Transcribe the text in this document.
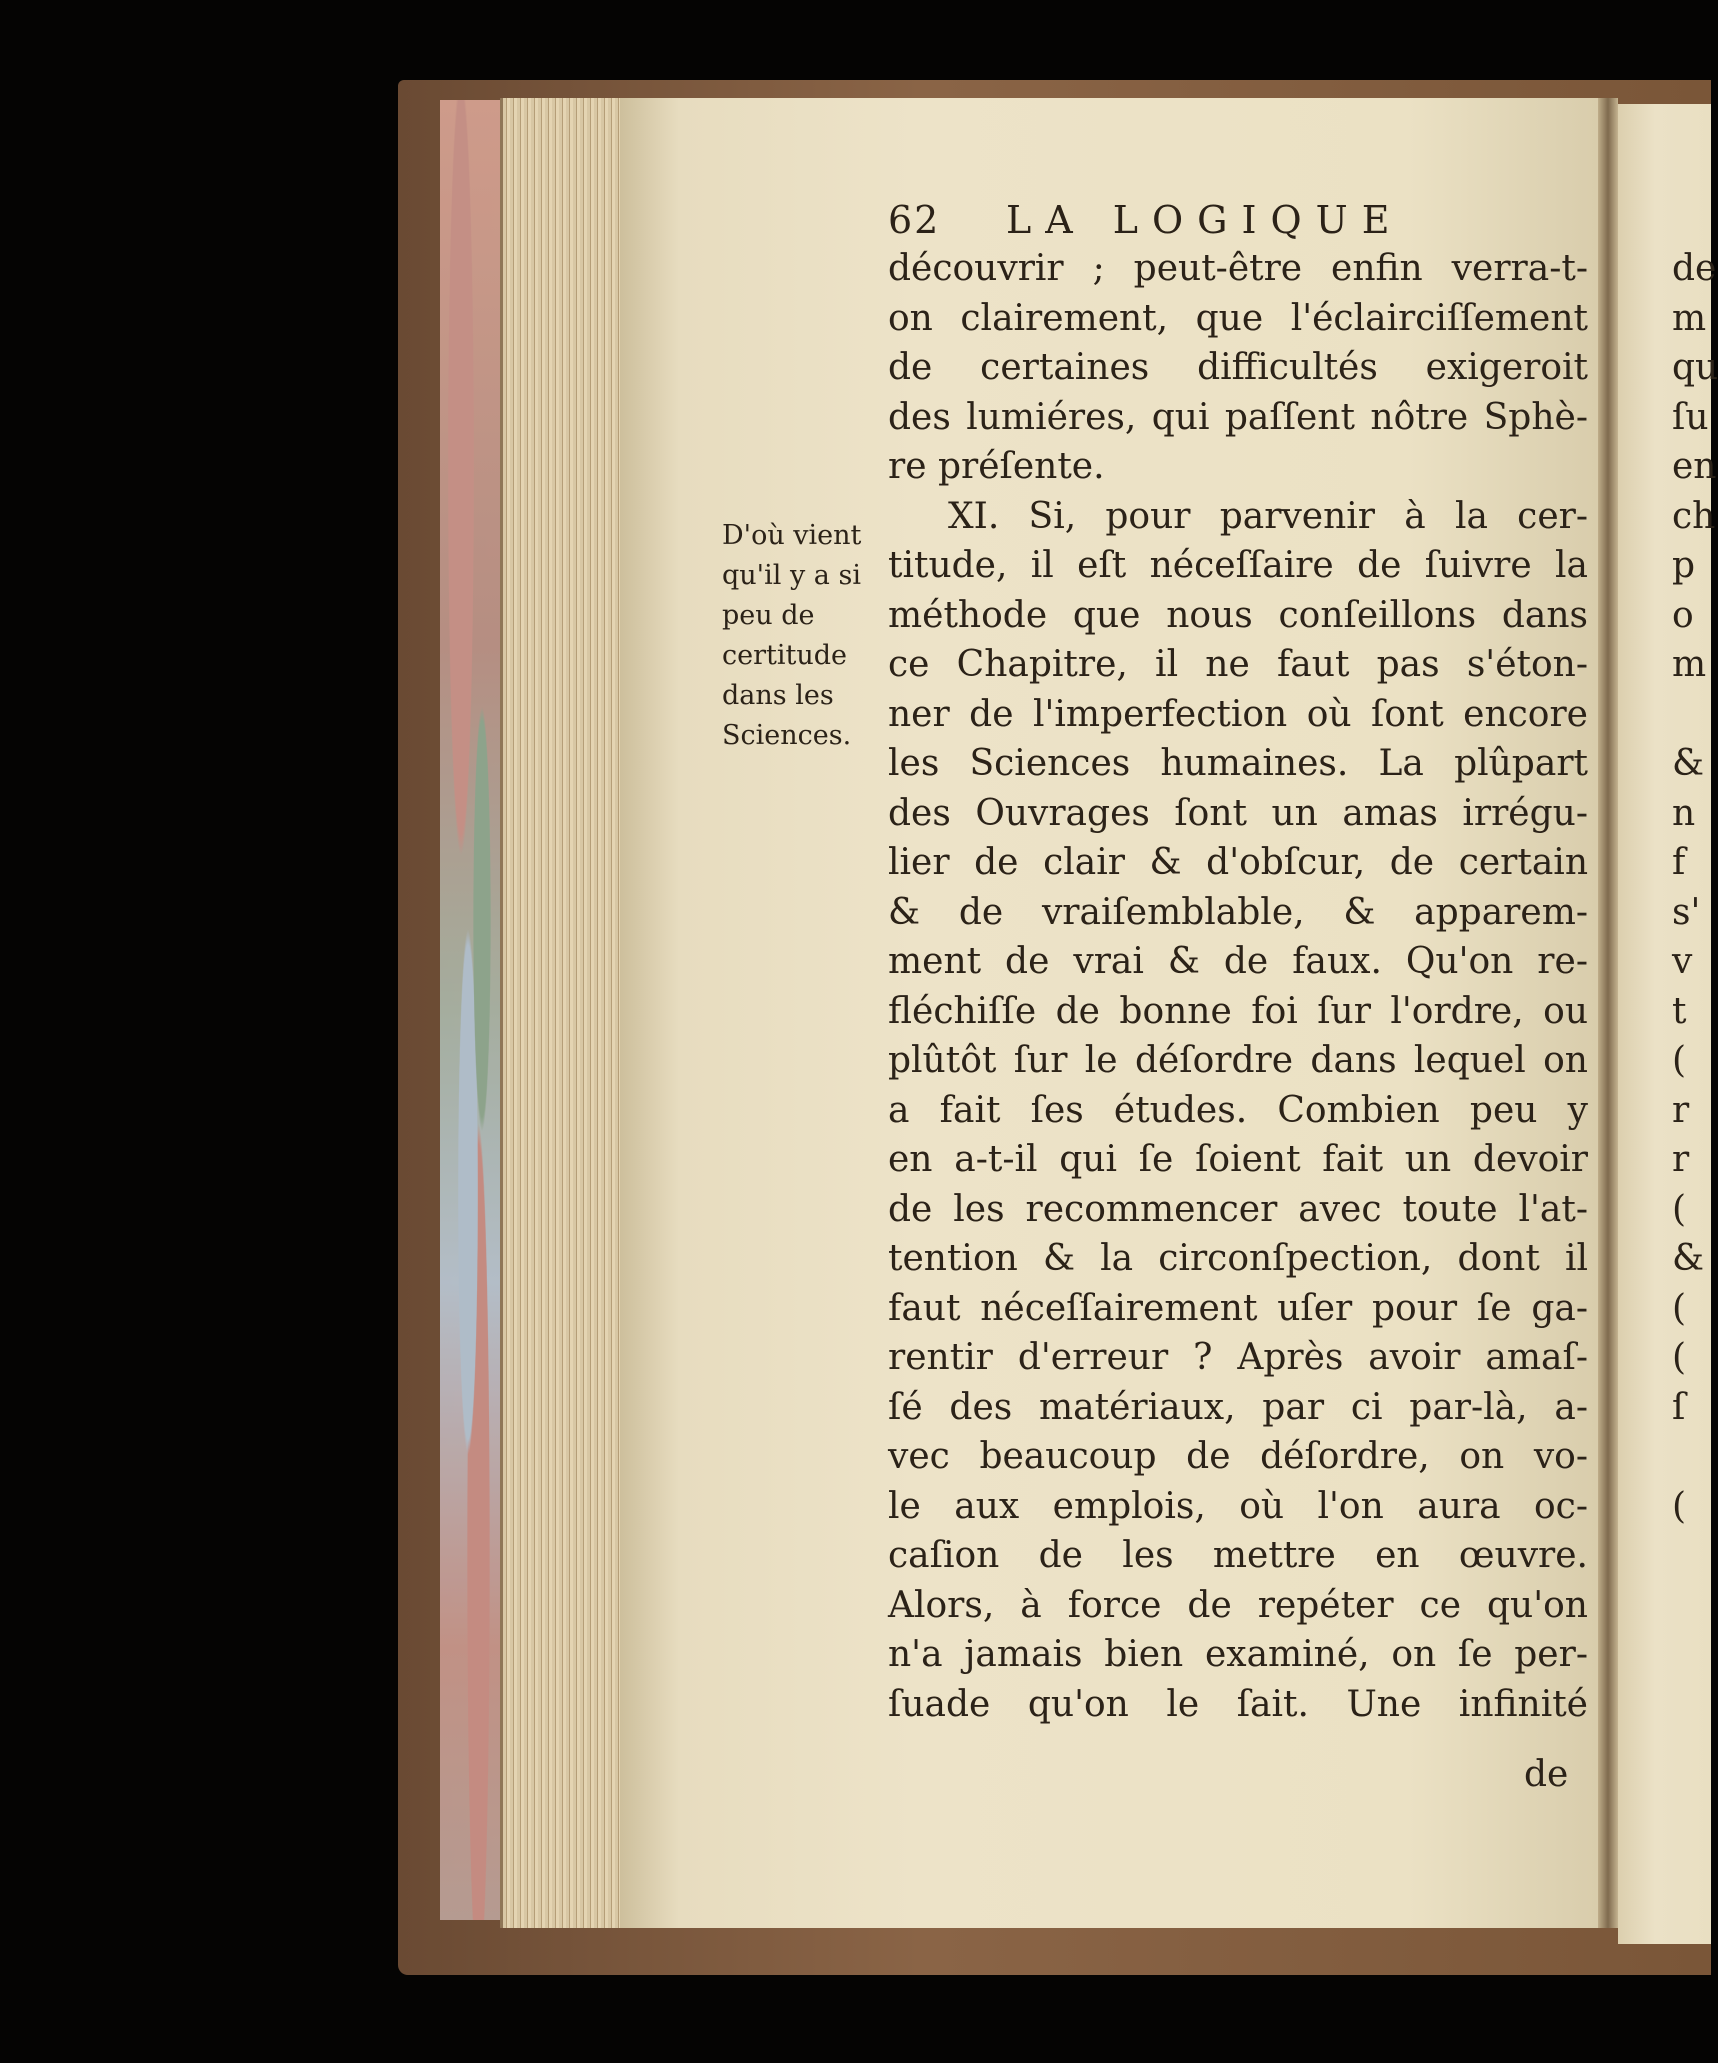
62 LA LOGIQUE
D'où vient
qu'il y a si
peu de
certitude
dans les
Sciences.
découvrir ; peut-être enfin verra-t-
on clairement, que l'éclairciſſement
de certaines difficultés exigeroit
des lumiéres, qui paſſent nôtre Sphè-
re préſente.
XI. Si, pour parvenir à la cer-
titude, il eſt néceſſaire de ſuivre la
méthode que nous conſeillons dans
ce Chapitre, il ne faut pas s'éton-
ner de l'imperfection où ſont encore
les Sciences humaines. La plûpart
des Ouvrages ſont un amas irrégu-
lier de clair & d'obſcur, de certain
& de vraiſemblable, & apparem-
ment de vrai & de faux. Qu'on re-
fléchiſſe de bonne foi ſur l'ordre, ou
plûtôt ſur le déſordre dans lequel on
a fait ſes études. Combien peu y
en a-t-il qui ſe ſoient fait un devoir
de les recommencer avec toute l'at-
tention & la circonſpection, dont il
faut néceſſairement uſer pour ſe ga-
rentir d'erreur ? Après avoir amaſ-
ſé des matériaux, par ci par-là, a-
vec beaucoup de déſordre, on vo-
le aux emplois, où l'on aura oc-
caſion de les mettre en œuvre.
Alors, à force de repéter ce qu'on
n'a jamais bien examiné, on ſe per-
ſuade qu'on le ſait. Une infinité
de
de
m
qu
ſu
en
ch
p
o
m
&
n
f
s'
v
t
(
r
r
(
&
(
(
ſ
(
